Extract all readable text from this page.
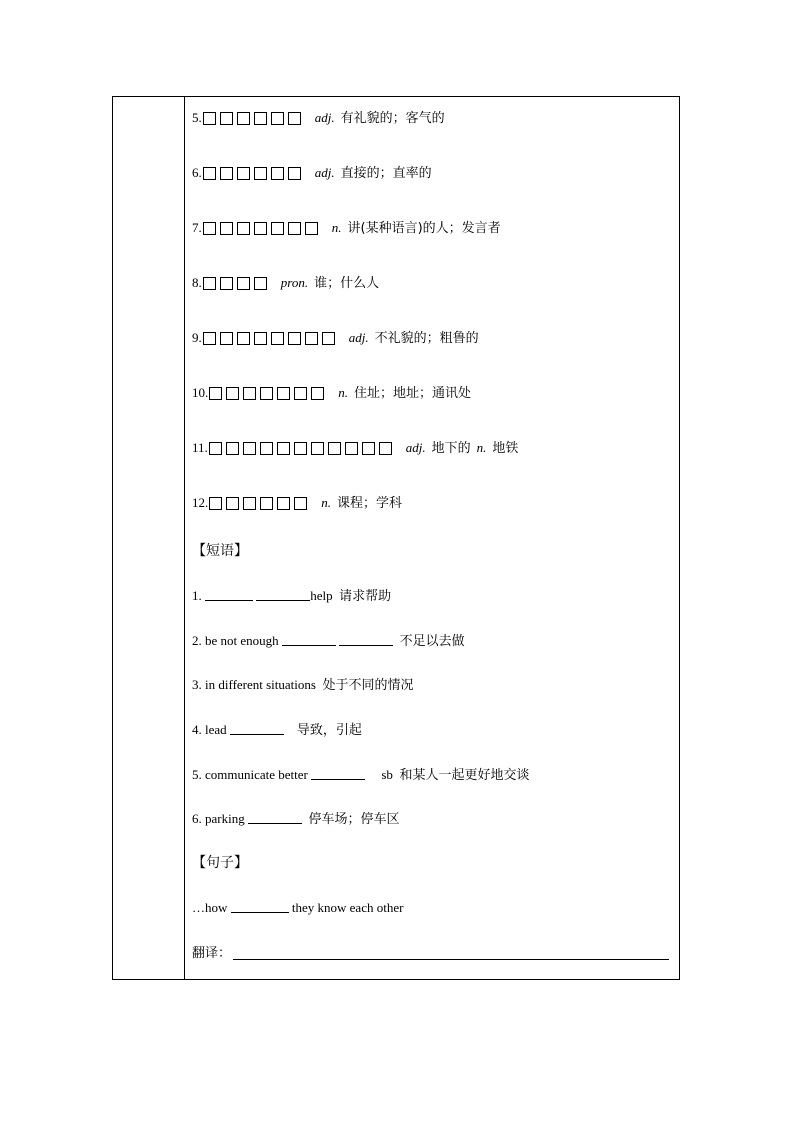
5.	adj. 有礼貌的；客气的
6.	adj. 直接的；直率的
7.	n. 讲(某种语言)的人；发言者
8.	pron. 谁；什么人
9.	adj. 不礼貌的；粗鲁的
10.	n. 住址；地址；通讯处
11.	adj. 地下的 n. 地铁
12.	n. 课程；学科
【短语】
1.	help 请求帮助
2. be not enough	不足以去做
3. in different situations 处于不同的情况
4. lead	导致，引起
5. communicate better	sb 和某人一起更好地交谈
6. parking	停车场；停车区
【句子】
…how	they know each other
翻译：
